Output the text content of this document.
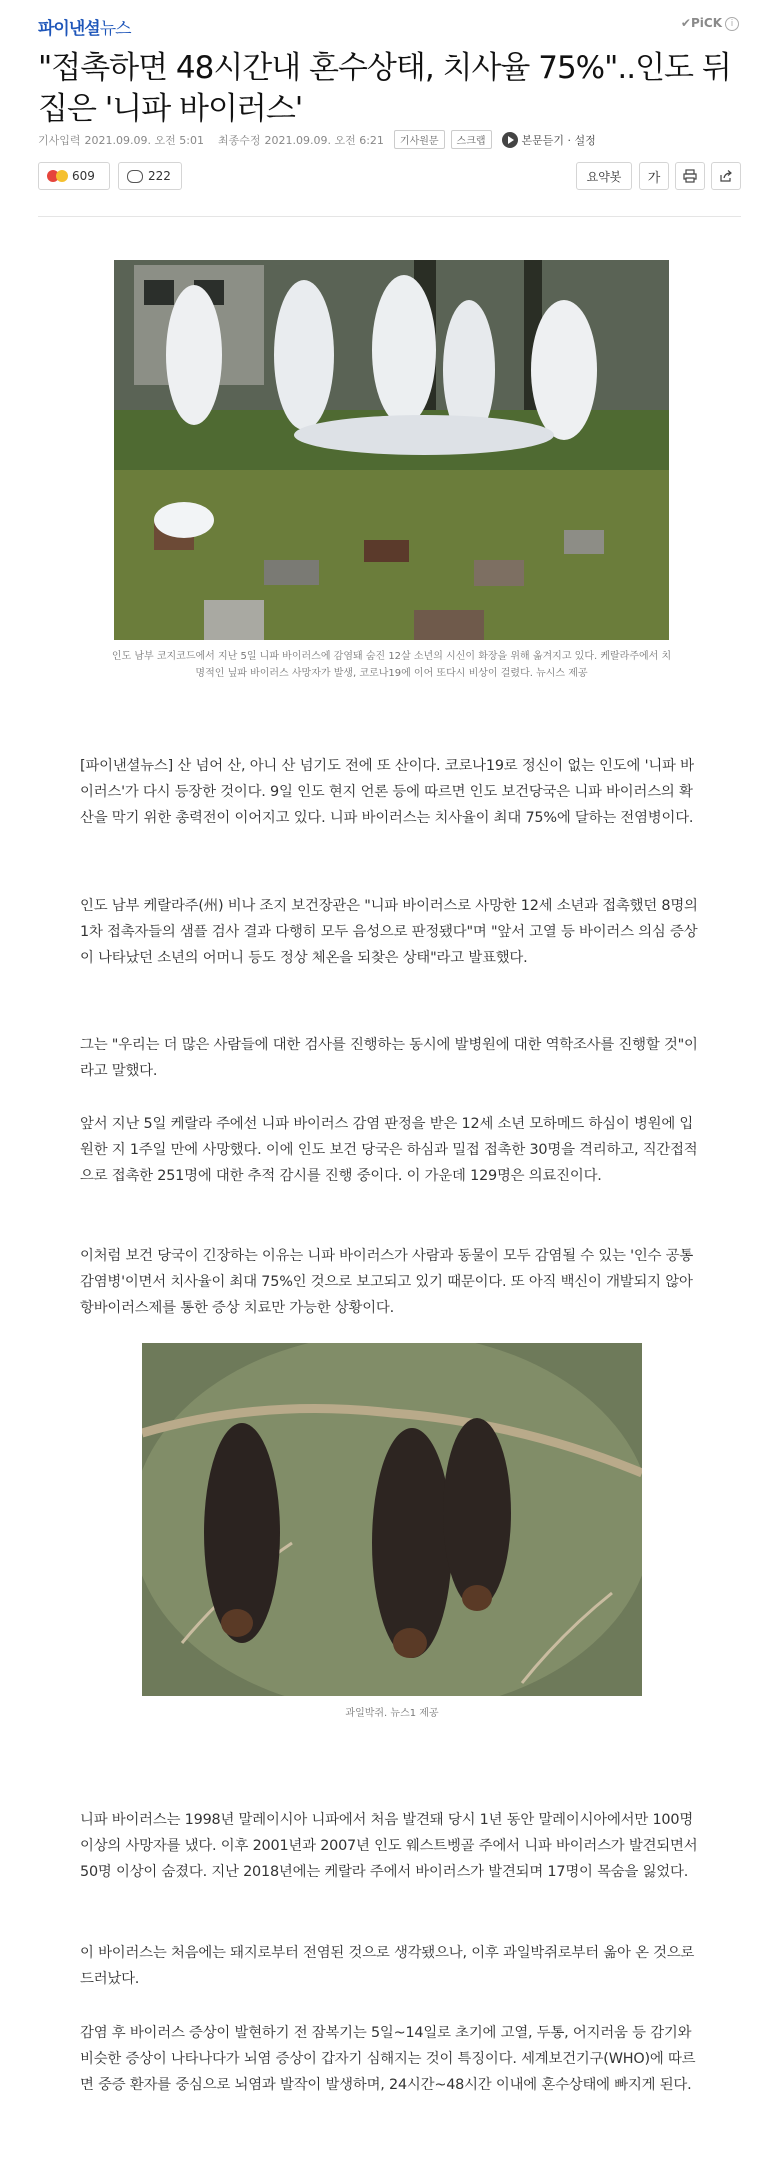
파이낸셜뉴스	✔PiCK i
"접촉하면 48시간내 혼수상태, 치사율 75%"..인도 뒤집은 '니파 바이러스'
기사입력 2021.09.09. 오전 5:01 최종수정 2021.09.09. 오전 6:21	기사원문	스크랩	본문듣기 · 설정
609	222	요약봇	가
인도 남부 코지코드에서 지난 5일 니파 바이러스에 감염돼 숨진 12살 소년의 시신이 화장을 위해 옮겨지고 있다. 케랄라주에서 치명적인 닢파 바이러스 사망자가 발생, 코로나19에 이어 또다시 비상이 걸렸다. 뉴시스 제공

[파이낸셜뉴스] 산 넘어 산, 아니 산 넘기도 전에 또 산이다. 코로나19로 정신이 없는 인도에 '니파 바이러스'가 다시 등장한 것이다. 9일 인도 현지 언론 등에 따르면 인도 보건당국은 니파 바이러스의 확산을 막기 위한 총력전이 이어지고 있다. 니파 바이러스는 치사율이 최대 75%에 달하는 전염병이다.

인도 남부 케랄라주(州) 비나 조지 보건장관은 "니파 바이러스로 사망한 12세 소년과 접촉했던 8명의 1차 접촉자들의 샘플 검사 결과 다행히 모두 음성으로 판정됐다"며 "앞서 고열 등 바이러스 의심 증상이 나타났던 소년의 어머니 등도 정상 체온을 되찾은 상태"라고 발표했다.

그는 "우리는 더 많은 사람들에 대한 검사를 진행하는 동시에 발병원에 대한 역학조사를 진행할 것"이라고 말했다.

앞서 지난 5일 케랄라 주에선 니파 바이러스 감염 판정을 받은 12세 소년 모하메드 하심이 병원에 입원한 지 1주일 만에 사망했다. 이에 인도 보건 당국은 하심과 밀접 접촉한 30명을 격리하고, 직간접적으로 접촉한 251명에 대한 추적 감시를 진행 중이다. 이 가운데 129명은 의료진이다.

이처럼 보건 당국이 긴장하는 이유는 니파 바이러스가 사람과 동물이 모두 감염될 수 있는 '인수 공통 감염병'이면서 치사율이 최대 75%인 것으로 보고되고 있기 때문이다. 또 아직 백신이 개발되지 않아 항바이러스제를 통한 증상 치료만 가능한 상황이다.

과일박쥐. 뉴스1 제공

니파 바이러스는 1998년 말레이시아 니파에서 처음 발견돼 당시 1년 동안 말레이시아에서만 100명 이상의 사망자를 냈다. 이후 2001년과 2007년 인도 웨스트벵골 주에서 니파 바이러스가 발견되면서 50명 이상이 숨졌다. 지난 2018년에는 케랄라 주에서 바이러스가 발견되며 17명이 목숨을 잃었다.

이 바이러스는 처음에는 돼지로부터 전염된 것으로 생각됐으나, 이후 과일박쥐로부터 옮아 온 것으로 드러났다.

감염 후 바이러스 증상이 발현하기 전 잠복기는 5일~14일로 초기에 고열, 두통, 어지러움 등 감기와 비슷한 증상이 나타나다가 뇌염 증상이 갑자기 심해지는 것이 특징이다. 세계보건기구(WHO)에 따르면 중증 환자를 중심으로 뇌염과 발작이 발생하며, 24시간~48시간 이내에 혼수상태에 빠지게 된다.
